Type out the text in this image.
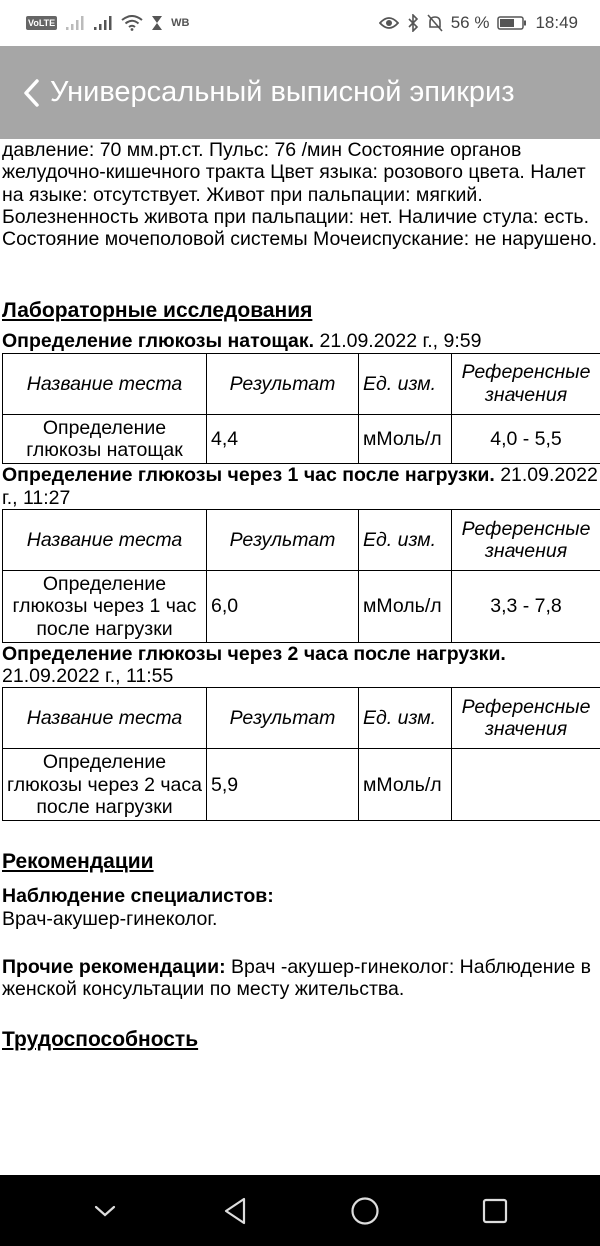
VoLTE	WB	56 %	18:49
Универсальный выписной эпикриз

давление: 70 мм.рт.ст. Пульс: 76 /мин Состояние органов желудочно-кишечного тракта Цвет языка: розового цвета. Налет на языке: отсутствует. Живот при пальпации: мягкий. Болезненность живота при пальпации: нет. Наличие стула: есть. Состояние мочеполовой системы Мочеиспускание: не нарушено.

Лабораторные исследования
Определение глюкозы натощак. 21.09.2022 г., 9:59
Название теста	Результат	Ед. изм.	Референсные значения
Определение глюкозы натощак	4,4	мМоль/л	4,0 - 5,5
Определение глюкозы через 1 час после нагрузки. 21.09.2022 г., 11:27
Название теста	Результат	Ед. изм.	Референсные значения
Определение глюкозы через 1 час после нагрузки	6,0	мМоль/л	3,3 - 7,8
Определение глюкозы через 2 часа после нагрузки. 21.09.2022 г., 11:55
Название теста	Результат	Ед. изм.	Референсные значения
Определение глюкозы через 2 часа после нагрузки	5,9	мМоль/л	
Рекомендации
Наблюдение специалистов:
Врач-акушер-гинеколог.
Прочие рекомендации: Врач -акушер-гинеколог: Наблюдение в женской консультации по месту жительства.
Трудоспособность
